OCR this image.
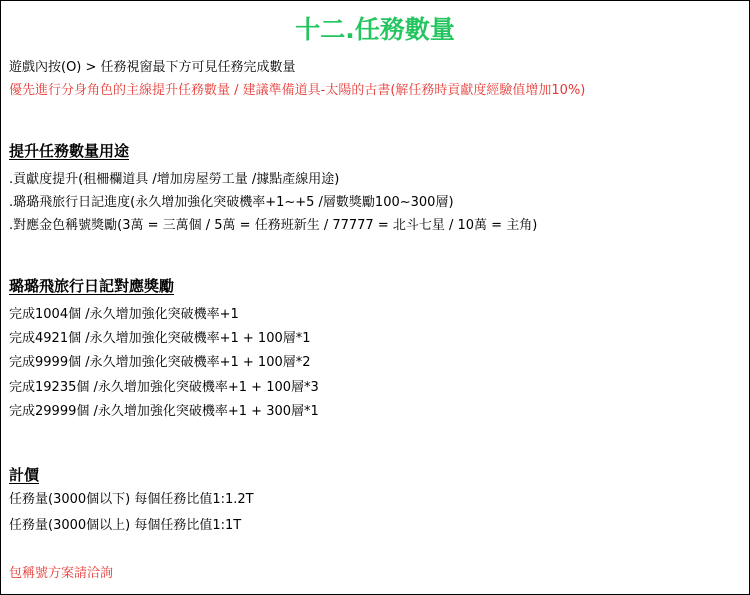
十二.任務數量
遊戲內按(O) > 任務視窗最下方可見任務完成數量
優先進行分身角色的主線提升任務數量 / 建議準備道具-太陽的古書(解任務時貢獻度經驗值增加10%)
提升任務數量用途
.貢獻度提升(租柵欄道具 /增加房屋勞工量 /據點產線用途)
.璐璐飛旅行日記進度(永久增加強化突破機率+1~+5 /層數獎勵100~300層)
.對應金色稱號獎勵(3萬 = 三萬個 / 5萬 = 任務班新生 / 77777 = 北斗七星 / 10萬 = 主角)
璐璐飛旅行日記對應獎勵
完成1004個 /永久增加強化突破機率+1
完成4921個 /永久增加強化突破機率+1 + 100層*1
完成9999個 /永久增加強化突破機率+1 + 100層*2
完成19235個 /永久增加強化突破機率+1 + 100層*3
完成29999個 /永久增加強化突破機率+1 + 300層*1
計價
任務量(3000個以下) 每個任務比值1:1.2T
任務量(3000個以上) 每個任務比值1:1T
包稱號方案請洽詢
